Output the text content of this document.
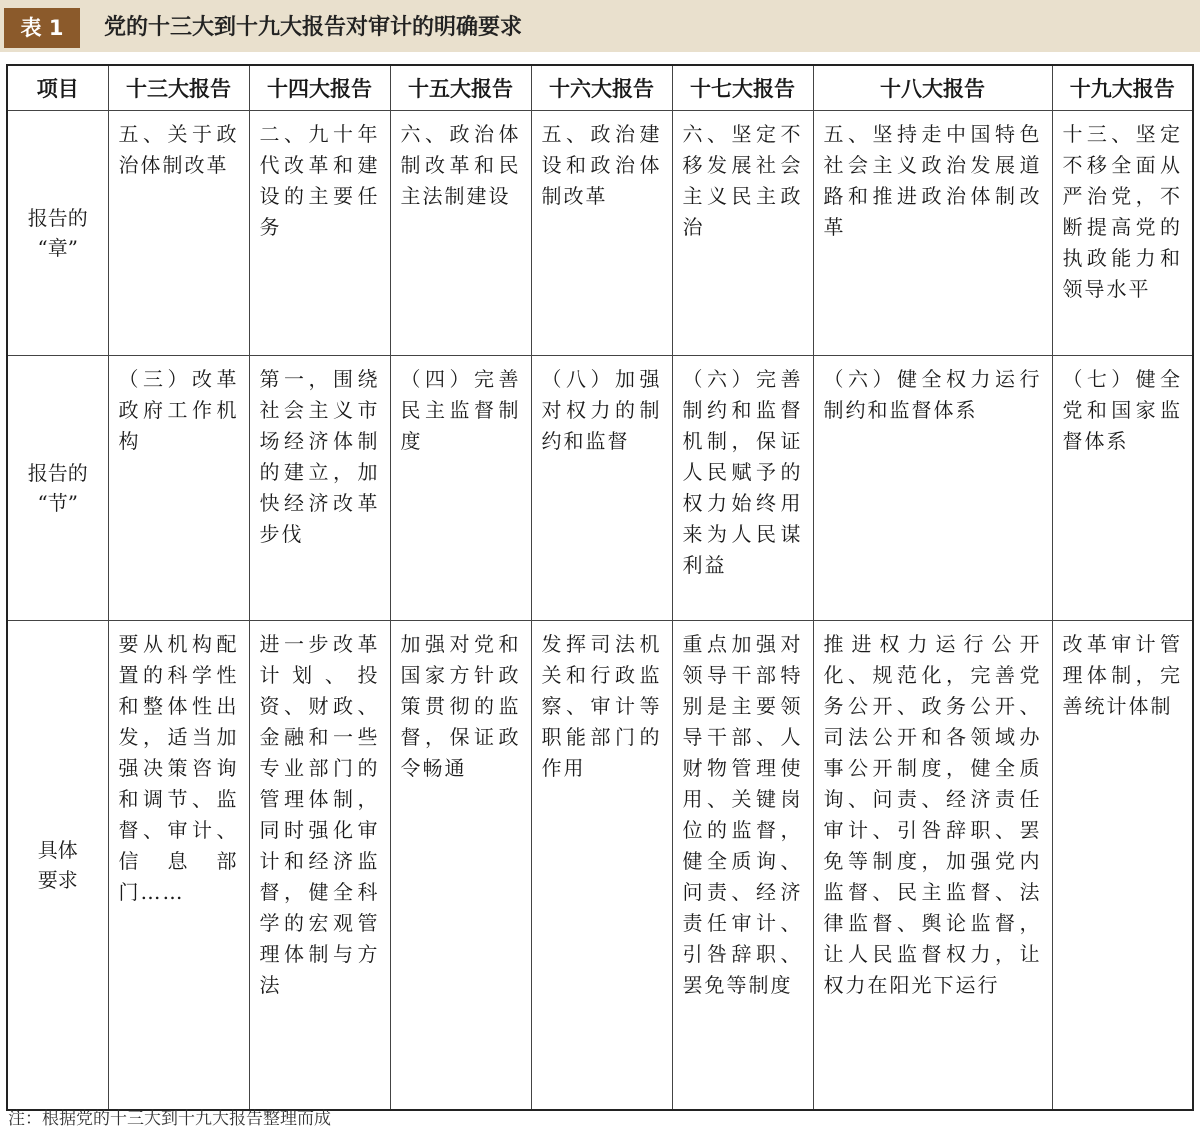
表 1	党的十三大到十九大报告对审计的明确要求
项目	十三大报告	十四大报告	十五大报告	十六大报告	十七大报告	十八大报告	十九大报告

报告的
“章”	五、关于政治体制改革	二、九十年代改革和建设的主要任务	六、政治体制改革和民主法制建设	五、政治建设和政治体制改革	六、坚定不移发展社会主义民主政治	五、坚持走中国特色社会主义政治发展道路和推进政治体制改革	十三、坚定不移全面从严治党，不断提高党的执政能力和领导水平

报告的
“节”	（三）改革政府工作机构	第一，围绕社会主义市场经济体制的建立，加快经济改革步伐	（四）完善民主监督制度	（八）加强对权力的制约和监督	（六）完善制约和监督机制，保证人民赋予的权力始终用来为人民谋利益	（六）健全权力运行制约和监督体系	（七）健全党和国家监督体系

具体
要求	要从机构配置的科学性和整体性出发，适当加强决策咨询和调节、监督、审计、信息部门……	进一步改革计划、投资、财政、金融和一些专业部门的管理体制，同时强化审计和经济监督，健全科学的宏观管理体制与方法	加强对党和国家方针政策贯彻的监督，保证政令畅通	发挥司法机关和行政监察、审计等职能部门的作用	重点加强对领导干部特别是主要领导干部、人财物管理使用、关键岗位的监督，健全质询、问责、经济责任审计、引咎辞职、罢免等制度	推进权力运行公开化、规范化，完善党务公开、政务公开、司法公开和各领域办事公开制度，健全质询、问责、经济责任审计、引咎辞职、罢免等制度，加强党内监督、民主监督、法律监督、舆论监督，让人民监督权力，让权力在阳光下运行	改革审计管理体制，完善统计体制
注：根据党的十三大到十九大报告整理而成
